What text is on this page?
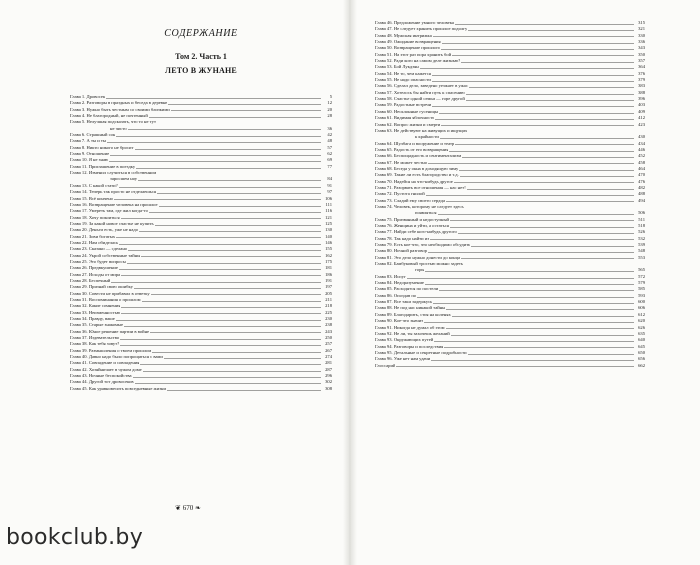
СОДЕРЖАНИЕ
Том 2. Часть 1
ЛЕТО В ЖУНАНЕ
Глава 1. Дровосек	5
Глава 2. Разговоры в праздных и беседа в деревне	12
Глава 3. Нужно быть честным со своими близкими	20
Глава 4. Не благородный, не почтенный	28
Глава 5. Нелучшая подсказать, что то не тут
не чисто	36
Глава 6. Страшный сон	42
Глава 7. А ты и ты	48
Глава 8. Никто никого не бросит	57
Глава 9. Отношение	62
Глава 10. Я не знаю	69
Глава 11. Приглашение в поездку	77
Глава 12. Изменил случиться в собственном
заросшем ноу	84
Глава 13. С какой стати?	91
Глава 14. Теперь так просто не отделаешься	97
Глава 15. Всё кончено	106
Глава 16. Возвращение человека на прошлое	111
Глава 17. Умереть там, где жил когда-то	116
Глава 18. Хочу покоиться	121
Глава 19. За какой новое счастье не купить	125
Глава 20. Деньги есть, уже не надо	130
Глава 21. Зови богатых	140
Глава 22. Нам обиделась	146
Глава 23. Сказано — сделано	155
Глава 24. Укрой собственные тайны	162
Глава 25. Это будет вопросы	175
Глава 26. Предвкушение	181
Глава 27. Исходы от мира	186
Глава 28. Беспечный	191
Глава 29. Признай свою ошибку	197
Глава 30. Совести не прибавил в ответку	205
Глава 31. Воспоминания о прошлом	211
Глава 32. Какие сомнения	218
Глава 33. Неизменностью	225
Глава 34. Правду, ваше	230
Глава 35. Старые знакомые	238
Глава 36. Юное решение партии в войне	243
Глава 37. Издевательство	250
Глава 38. Как тебя зовут?	257
Глава 39. Размышления о твоем прошлом	267
Глава 40. Давно надо было попрощаться с вами	274
Глава 41. Совпадение и совпадения	281
Глава 42. Хозяйничает в чужом доме	287
Глава 43. Ночные беспокойства	296
Глава 44. Другой тот дровосеков	302
Глава 45. Как уравновесить повседневные жизни	308
❦ 670 ❧
Глава 46. Предложение умного человека	315
Глава 47. Не следует хранить прошлое подолгу	321
Глава 48. Мужская интрижка	330
Глава 49. Ожидание возвращения	336
Глава 50. Возвращение прошлого	343
Глава 51. На этот раз пора хранить бой	350
Глава 52. Ради кого на самом деле жизнью?	357
Глава 53. Бой Лукдзян	364
Глава 54. Не то, чем кажется	376
Глава 55. Не надо опасности	379
Глава 56. Сделал дело, заведено уезжает в ужас	383
Глава 57. Хотелось бы найти путь к спасению	388
Глава 58. Счастье одной семьи — горе другой	396
Глава 59. Радостные встречи	403
Глава 60. Несклонные гусеницы	409
Глава 61. Видимая яблочность	412
Глава 62. Вопрос жизни и смерти	423
Глава 63. Не действуют на живущих и ищущих
к крайности	430
Глава 64. Шулбага и вооружение и театр	434
Глава 65. Радость от его возвращения	446
Глава 66. Беспощадность и сентиментализм	452
Глава 67. Не может честно	458
Глава 68. Беседа у окна в доходящую зиму	464
Глава 69. Такие ли есть благородство и т.д.	470
Глава 70. Надейся на что-нибудь другое	476
Глава 71. Разорвать все отношения — нас нет!	482
Глава 72. Пустота гнилой	488
Глава 73. Сладий ему своего сердца	494
Глава 74. Человек, которому не следует здесь
появляться	506
Глава 75. Призванный и недоступный	511
Глава 76. Женщина и уйти, а остаться	518
Глава 77. Найди себе кого-нибудь другого	526
Глава 78. Так надо найти из	532
Глава 79. Есть кое-что, что необходимо обсудить	539
Глава 80. Ночной разговор	548
Глава 81. Это дело нужно донести до конца	553
Глава 82. Бамбуковый тростью можно задеть
горы	565
Глава 83. Испуг	572
Глава 84. Недоразумение	579
Глава 85. Расходятся по постели	585
Глава 86. Опоздав по	593
Глава 87. Все таки задержусь	600
Глава 88. Не под нас никакой тайны	606
Глава 89. Благодарить, стоя на коленях	612
Глава 90. Кое-что значит	620
Глава 91. Никогда не думал об этом	626
Глава 92. Не ли, ты захочешь желаний	635
Глава 93. Окружающих путей	640
Глава 94. Разговоры и последствия	645
Глава 95. Детальные и секретные подробности	650
Глава 96. Уже нет нам удачи	656
Глоссарий	662
bookclub.by
